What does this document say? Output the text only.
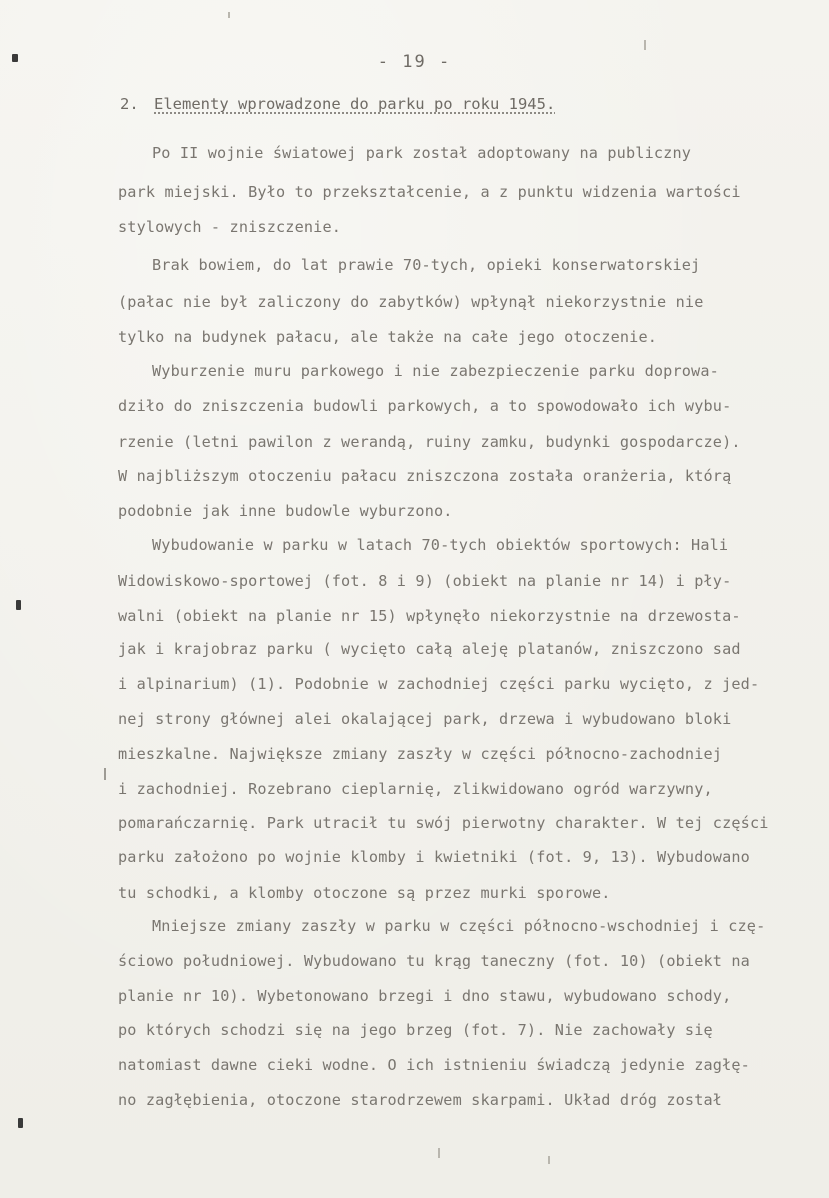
- 19 -
2. Elementy wprowadzone do parku po roku 1945.
Po II wojnie światowej park został adoptowany na publiczny
park miejski. Było to przekształcenie, a z punktu widzenia wartości
stylowych - zniszczenie.
Brak bowiem, do lat prawie 70-tych, opieki konserwatorskiej
(pałac nie był zaliczony do zabytków) wpłynął niekorzystnie nie
tylko na budynek pałacu, ale także na całe jego otoczenie.
Wyburzenie muru parkowego i nie zabezpieczenie parku doprowa-
dziło do zniszczenia budowli parkowych, a to spowodowało ich wybu-
rzenie (letni pawilon z werandą, ruiny zamku, budynki gospodarcze).
W najbliższym otoczeniu pałacu zniszczona została oranżeria, którą
podobnie jak inne budowle wyburzono.
Wybudowanie w parku w latach 70-tych obiektów sportowych: Hali
Widowiskowo-sportowej (fot. 8 i 9) (obiekt na planie nr 14) i pły-
walni (obiekt na planie nr 15) wpłynęło niekorzystnie na drzewosta-
jak i krajobraz parku ( wycięto całą aleję platanów, zniszczono sad
i alpinarium) (1). Podobnie w zachodniej części parku wycięto, z jed-
nej strony głównej alei okalającej park, drzewa i wybudowano bloki
mieszkalne. Największe zmiany zaszły w części północno-zachodniej
i zachodniej. Rozebrano cieplarnię, zlikwidowano ogród warzywny,
pomarańczarnię. Park utracił tu swój pierwotny charakter. W tej części
parku założono po wojnie klomby i kwietniki (fot. 9, 13). Wybudowano
tu schodki, a klomby otoczone są przez murki sporowe.
Mniejsze zmiany zaszły w parku w części północno-wschodniej i czę-
ściowo południowej. Wybudowano tu krąg taneczny (fot. 10) (obiekt na
planie nr 10). Wybetonowano brzegi i dno stawu, wybudowano schody,
po których schodzi się na jego brzeg (fot. 7). Nie zachowały się
natomiast dawne cieki wodne. O ich istnieniu świadczą jedynie zagłę-
no zagłębienia, otoczone starodrzewem skarpami. Układ dróg został
